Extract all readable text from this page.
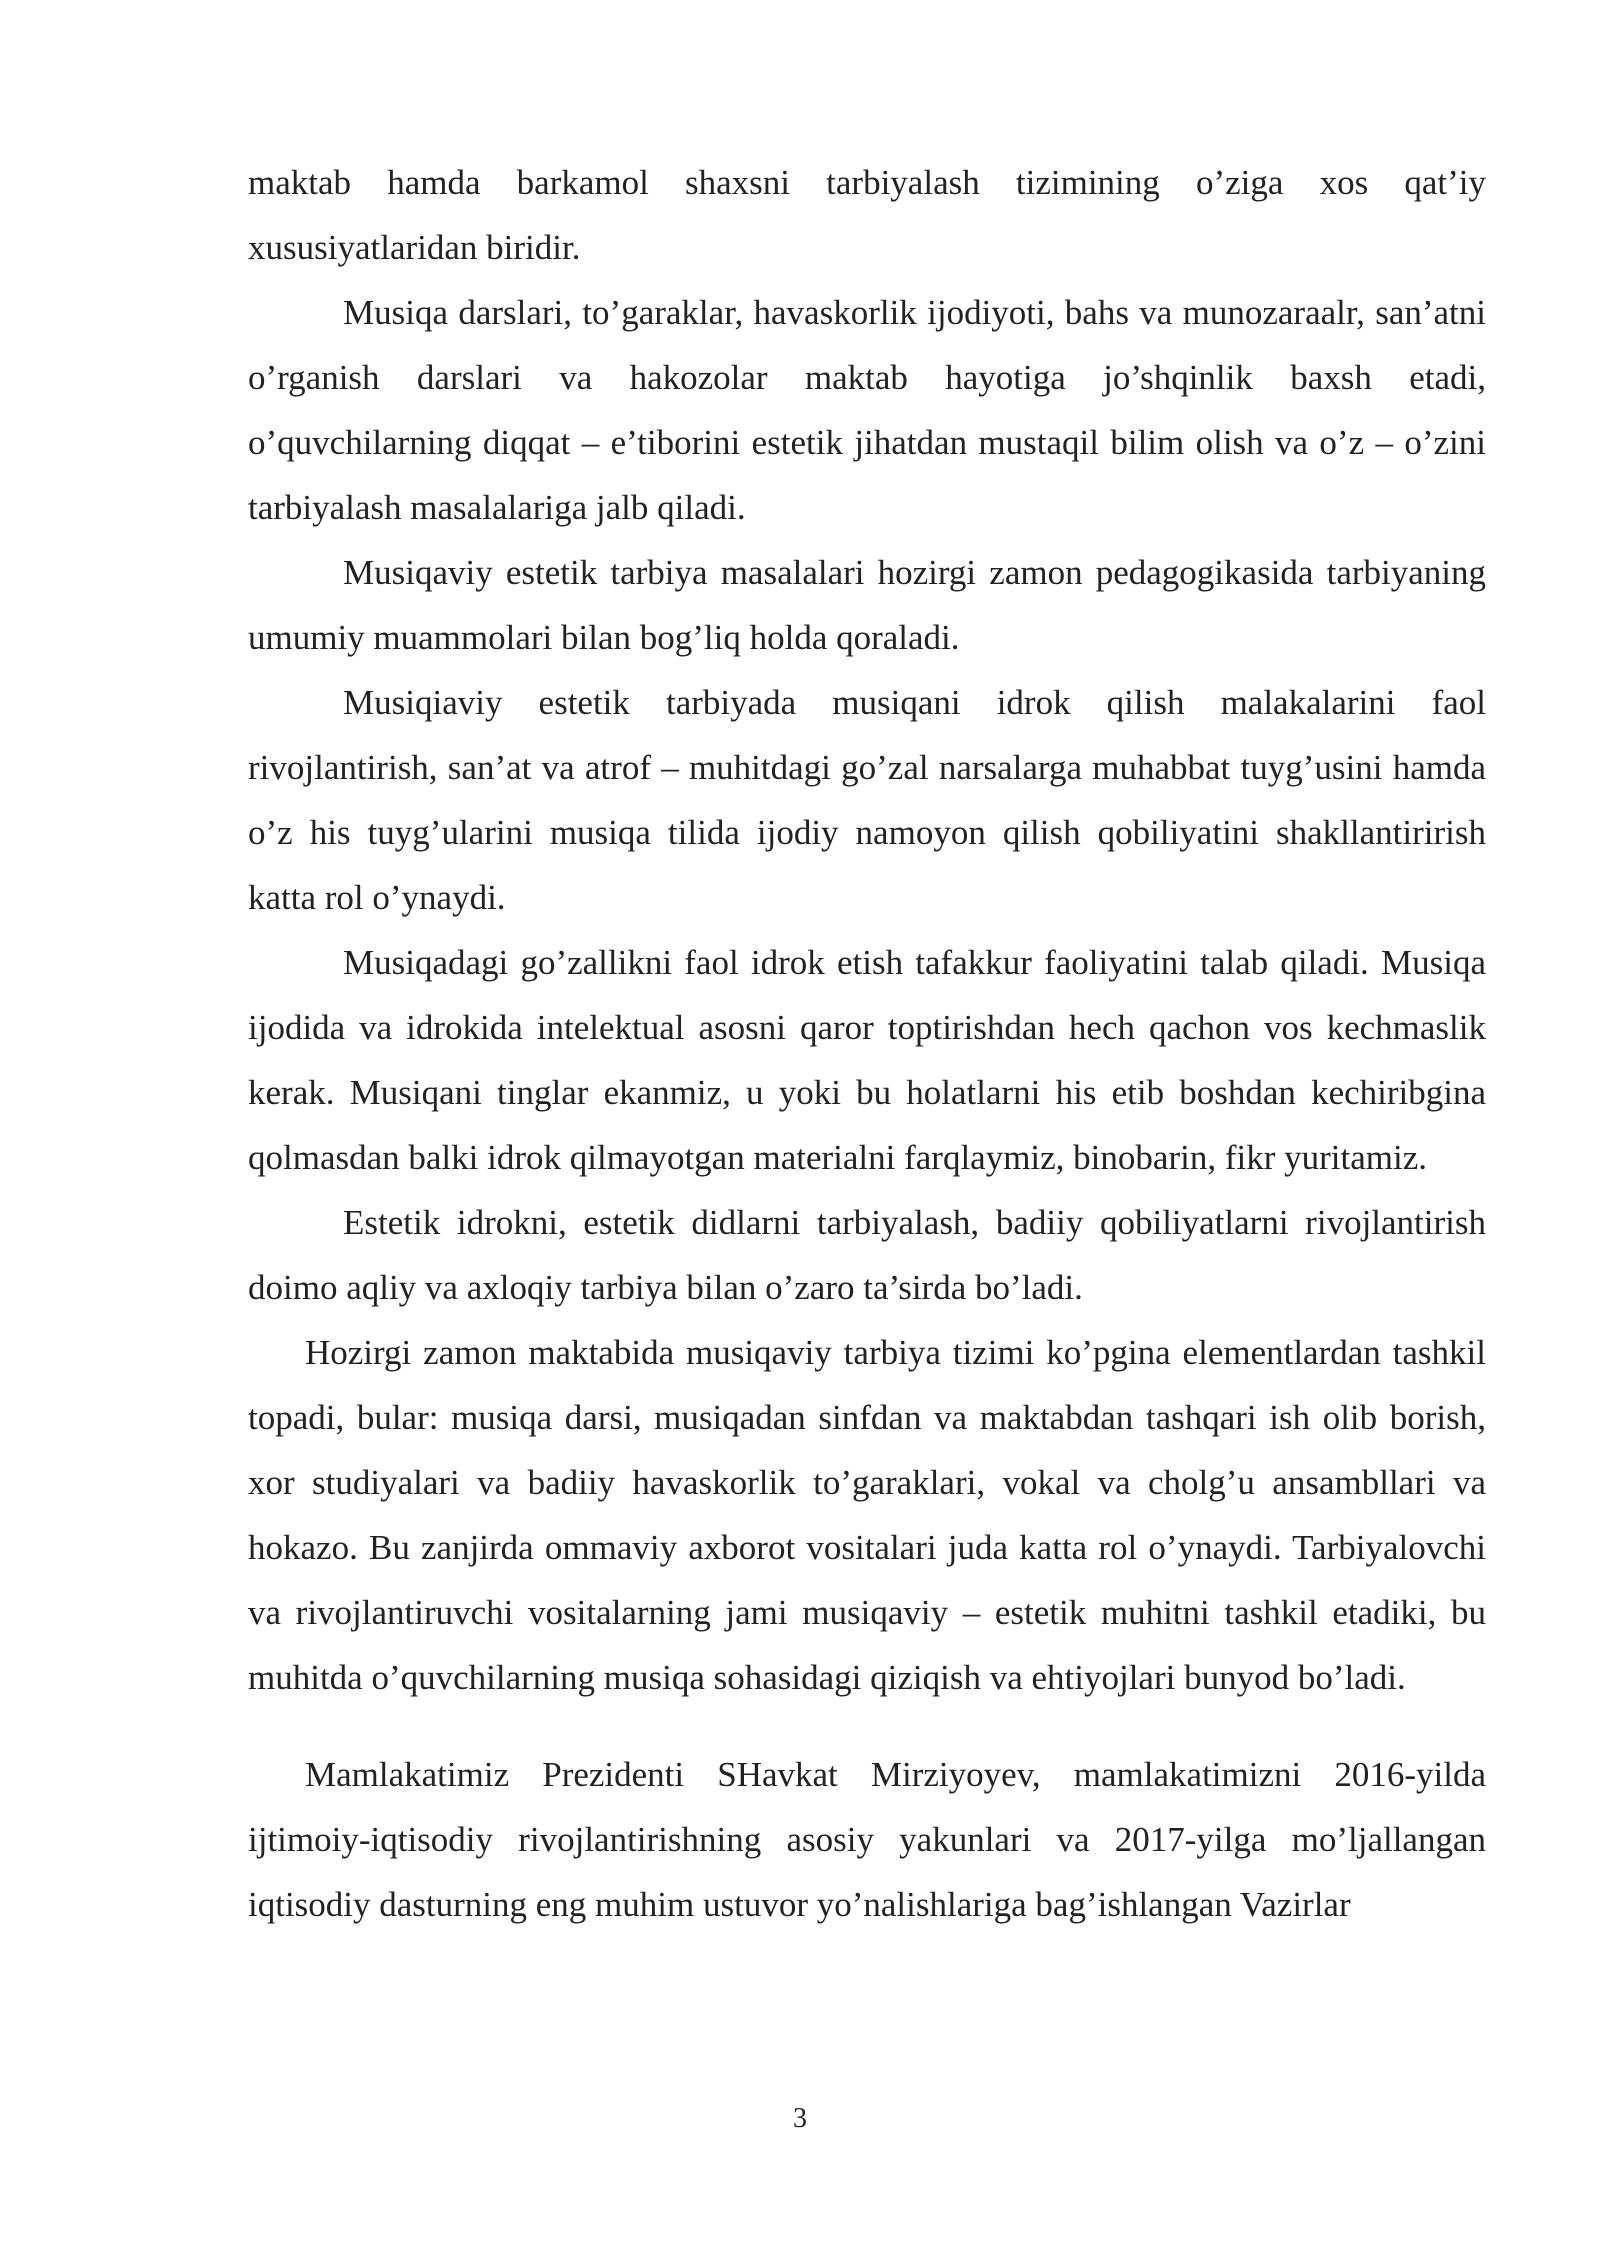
maktab hamda barkamol shaxsni tarbiyalash tizimining o’ziga xos qat’iy xususiyatlaridan biridir.

Musiqa darslari, to’garaklar, havaskorlik ijodiyoti, bahs va munozaraalr, san’atni o’rganish darslari va hakozolar maktab hayotiga jo’shqinlik baxsh etadi, o’quvchilarning diqqat – e’tiborini estetik jihatdan mustaqil bilim olish va o’z – o’zini tarbiyalash masalalariga jalb qiladi.

Musiqaviy estetik tarbiya masalalari hozirgi zamon pedagogikasida tarbiyaning umumiy muammolari bilan bog’liq holda qoraladi.

Musiqiaviy estetik tarbiyada musiqani idrok qilish malakalarini faol rivojlantirish, san’at va atrof – muhitdagi go’zal narsalarga muhabbat tuyg’usini hamda o’z his tuyg’ularini musiqa tilida ijodiy namoyon qilish qobiliyatini shakllantirirish katta rol o’ynaydi.

Musiqadagi go’zallikni faol idrok etish tafakkur faoliyatini talab qiladi. Musiqa ijodida va idrokida intelektual asosni qaror toptirishdan hech qachon vos kechmaslik kerak. Musiqani tinglar ekanmiz, u yoki bu holatlarni his etib boshdan kechiribgina qolmasdan balki idrok qilmayotgan materialni farqlaymiz, binobarin, fikr yuritamiz.

Estetik idrokni, estetik didlarni tarbiyalash, badiiy qobiliyatlarni rivojlantirish doimo aqliy va axloqiy tarbiya bilan o’zaro ta’sirda bo’ladi.

Hozirgi zamon maktabida musiqaviy tarbiya tizimi ko’pgina elementlardan tashkil topadi, bular: musiqa darsi, musiqadan sinfdan va maktabdan tashqari ish olib borish, xor studiyalari va badiiy havaskorlik to’garaklari, vokal va cholg’u ansambllari va hokazo. Bu zanjirda ommaviy axborot vositalari juda katta rol o’ynaydi. Tarbiyalovchi va rivojlantiruvchi vositalarning jami musiqaviy – estetik muhitni tashkil etadiki, bu muhitda o’quvchilarning musiqa sohasidagi qiziqish va ehtiyojlari bunyod bo’ladi.

Mamlakatimiz Prezidenti SHavkat Mirziyoyev, mamlakatimizni 2016-yilda ijtimoiy-iqtisodiy rivojlantirishning asosiy yakunlari va 2017-yilga mo’ljallangan iqtisodiy dasturning eng muhim ustuvor yo’nalishlariga bag’ishlangan Vazirlar

3
